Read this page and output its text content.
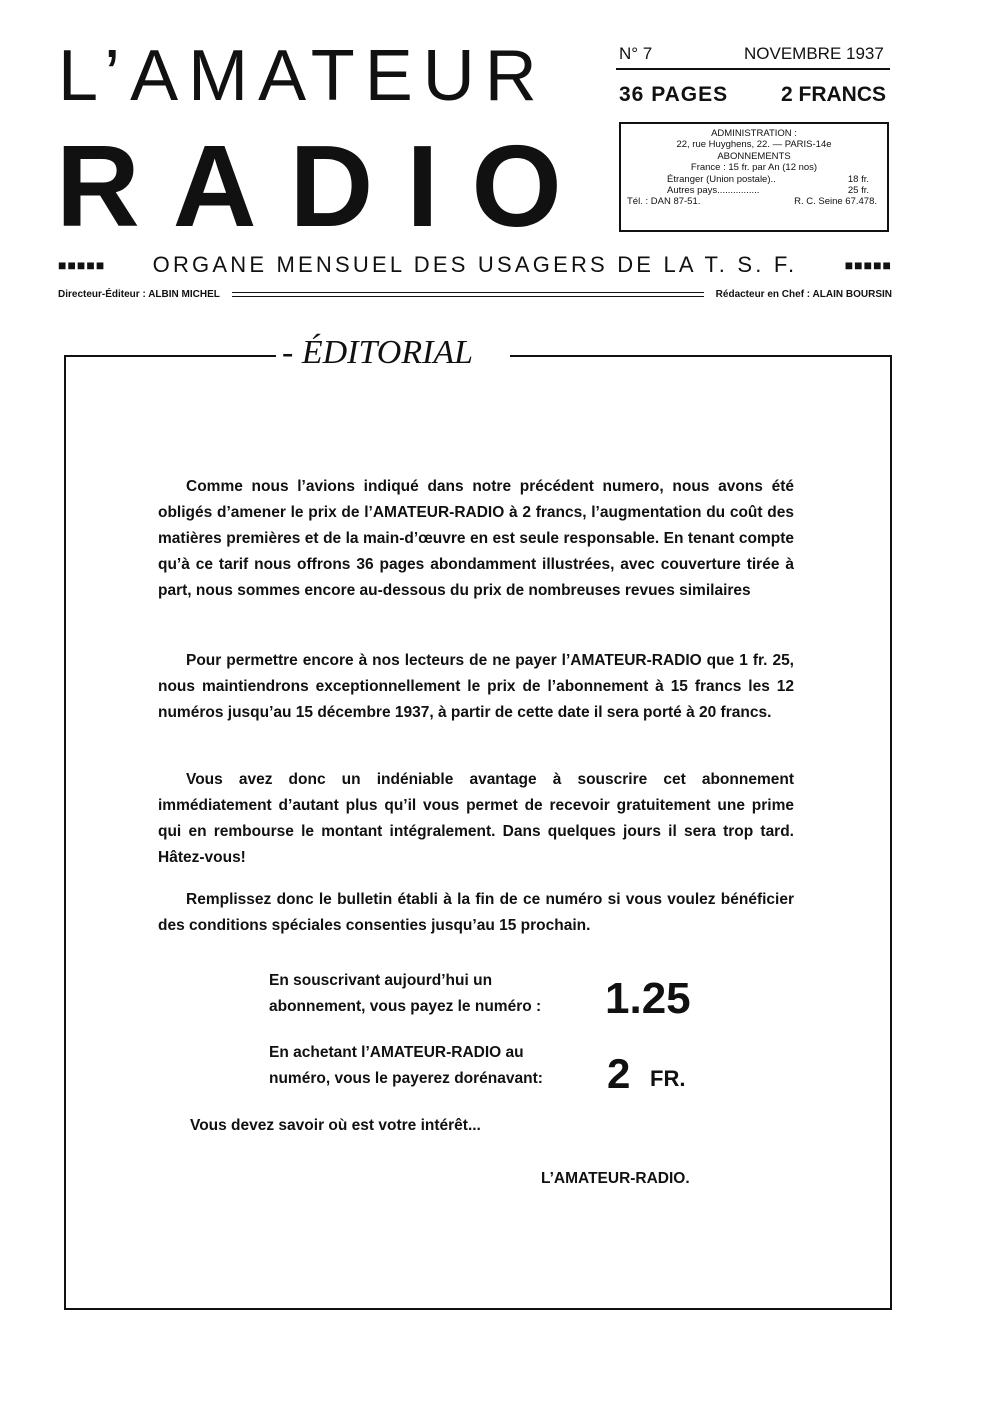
L’AMATEUR
RADIO
N° 7	NOVEMBRE 1937
36 PAGES	2 FRANCS
ADMINISTRATION :
22, rue Huyghens, 22. — PARIS-14e
ABONNEMENTS
France : 15 fr. par An (12 nos)
Étranger (Union postale)..	18 fr.
Autres pays................	25 fr.
Tél. : DAN 87-51.	R. C. Seine 67.478.
■■■■■ ORGANE MENSUEL DES USAGERS DE LA T. S. F.	■■■■■
Directeur-Éditeur : ALBIN MICHEL	Rédacteur en Chef : ALAIN BOURSIN
- ÉDITORIAL

Comme nous l’avions indiqué dans notre précédent numero, nous avons été obligés d’amener le prix de l’AMATEUR-RADIO à 2 francs, l’augmentation du coût des matières premières et de la main-d’œuvre en est seule responsable. En tenant compte qu’à ce tarif nous offrons 36 pages abondamment illustrées, avec couverture tirée à part, nous sommes encore au-dessous du prix de nombreuses revues similaires

Pour permettre encore à nos lecteurs de ne payer l’AMATEUR-RADIO que 1 fr. 25, nous maintiendrons exceptionnellement le prix de l’abonnement à 15 francs les 12 numéros jusqu’au 15 décembre 1937, à partir de cette date il sera porté à 20 francs.

Vous avez donc un indéniable avantage à souscrire cet abonnement immédiatement d’autant plus qu’il vous permet de recevoir gratuitement une prime qui en rembourse le montant intégralement. Dans quelques jours il sera trop tard. Hâtez-vous!

Remplissez donc le bulletin établi à la fin de ce numéro si vous voulez bénéficier des conditions spéciales consenties jusqu’au 15 prochain.

En souscrivant aujourd’hui un abonnement, vous payez le numéro :	1.25
En achetant l’AMATEUR-RADIO au numéro, vous le payerez dorénavant:	2 FR.
Vous devez savoir où est votre intérêt...
L’AMATEUR-RADIO.
